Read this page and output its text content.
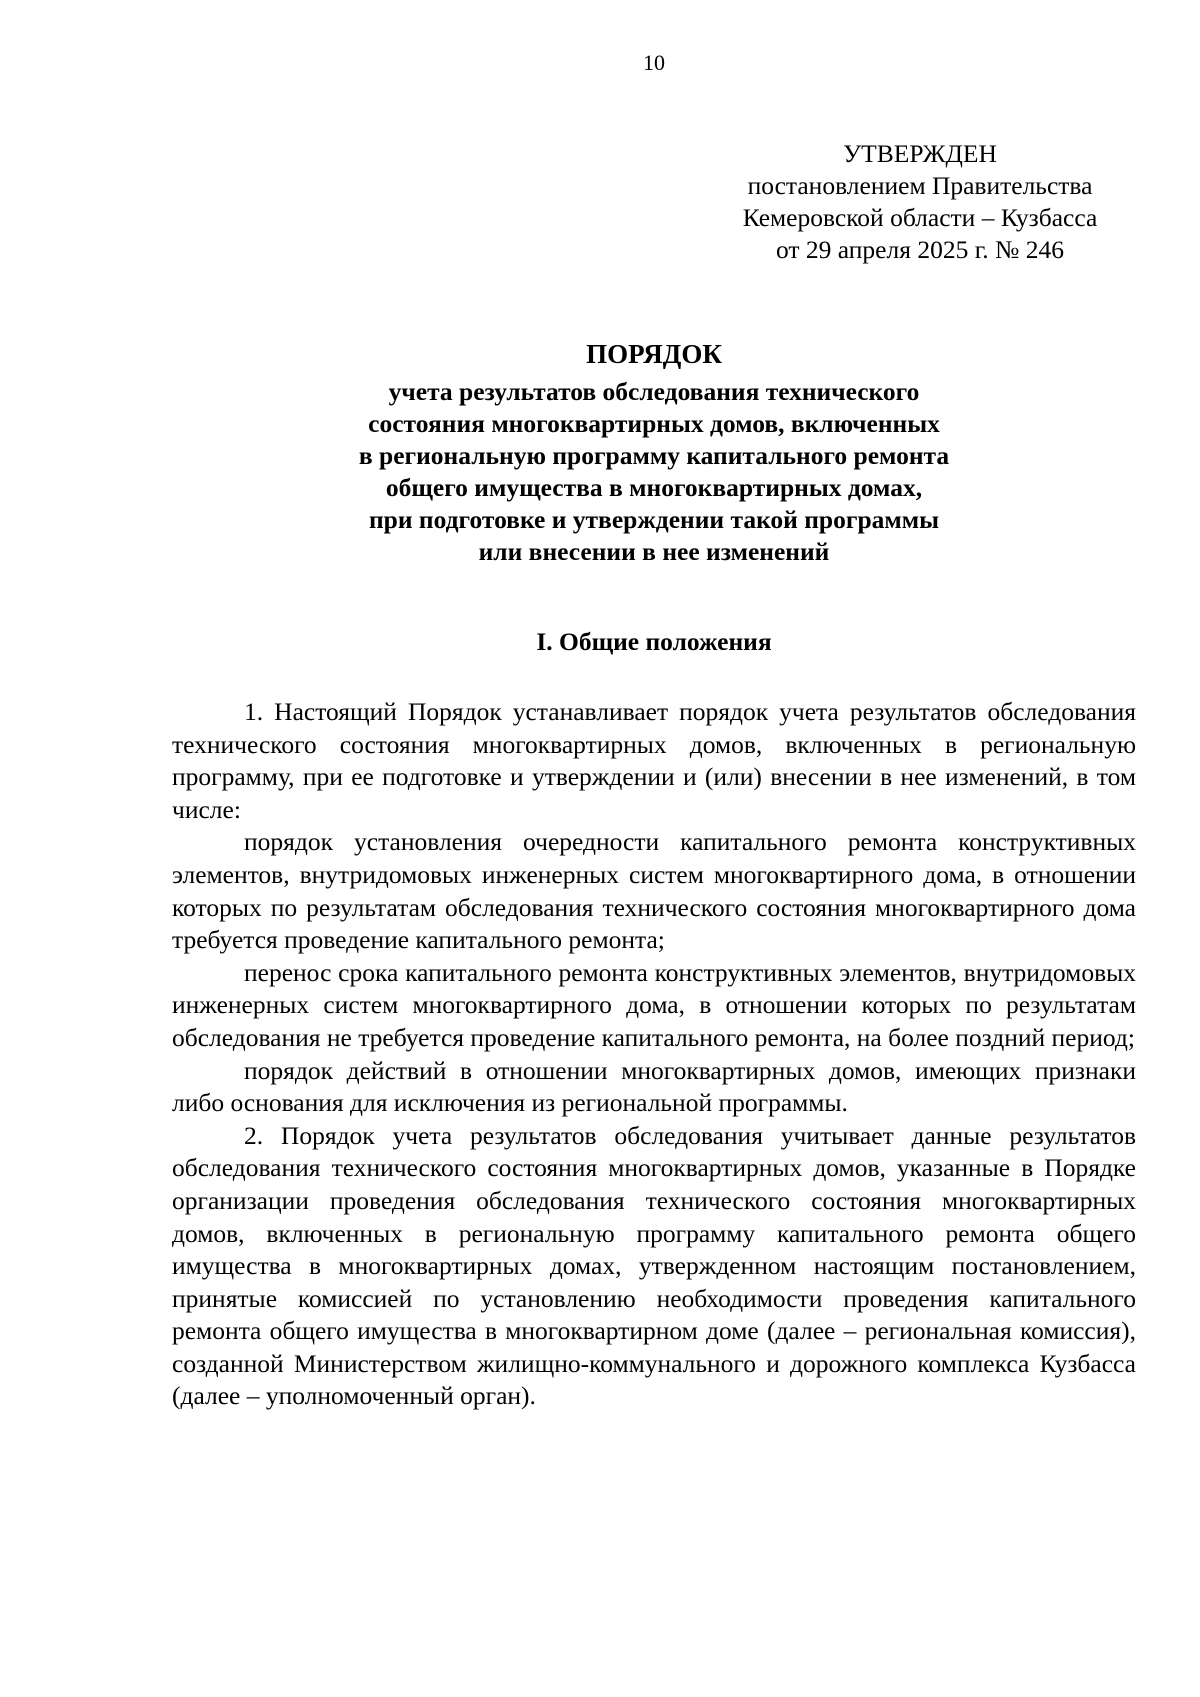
10
УТВЕРЖДЕН
постановлением Правительства
Кемеровской области – Кузбасса
от 29 апреля 2025 г. № 246
ПОРЯДОК
учета результатов обследования технического
состояния многоквартирных домов, включенных
в региональную программу капитального ремонта
общего имущества в многоквартирных домах,
при подготовке и утверждении такой программы
или внесении в нее изменений
I. Общие положения

1. Настоящий Порядок устанавливает порядок учета результатов обследования технического состояния многоквартирных домов, включенных в региональную программу, при ее подготовке и утверждении и (или) внесении в нее изменений, в том числе:

порядок установления очередности капитального ремонта конструктивных элементов, внутридомовых инженерных систем многоквартирного дома, в отношении которых по результатам обследования технического состояния многоквартирного дома требуется проведение капитального ремонта;

перенос срока капитального ремонта конструктивных элементов, внутридомовых инженерных систем многоквартирного дома, в отношении которых по результатам обследования не требуется проведение капитального ремонта, на более поздний период;

порядок действий в отношении многоквартирных домов, имеющих признаки либо основания для исключения из региональной программы.

2. Порядок учета результатов обследования учитывает данные результатов обследования технического состояния многоквартирных домов, указанные в Порядке организации проведения обследования технического состояния многоквартирных домов, включенных в региональную программу капитального ремонта общего имущества в многоквартирных домах, утвержденном настоящим постановлением, принятые комиссией по установлению необходимости проведения капитального ремонта общего имущества в многоквартирном доме (далее – региональная комиссия), созданной Министерством жилищно-коммунального и дорожного комплекса Кузбасса (далее – уполномоченный орган).
